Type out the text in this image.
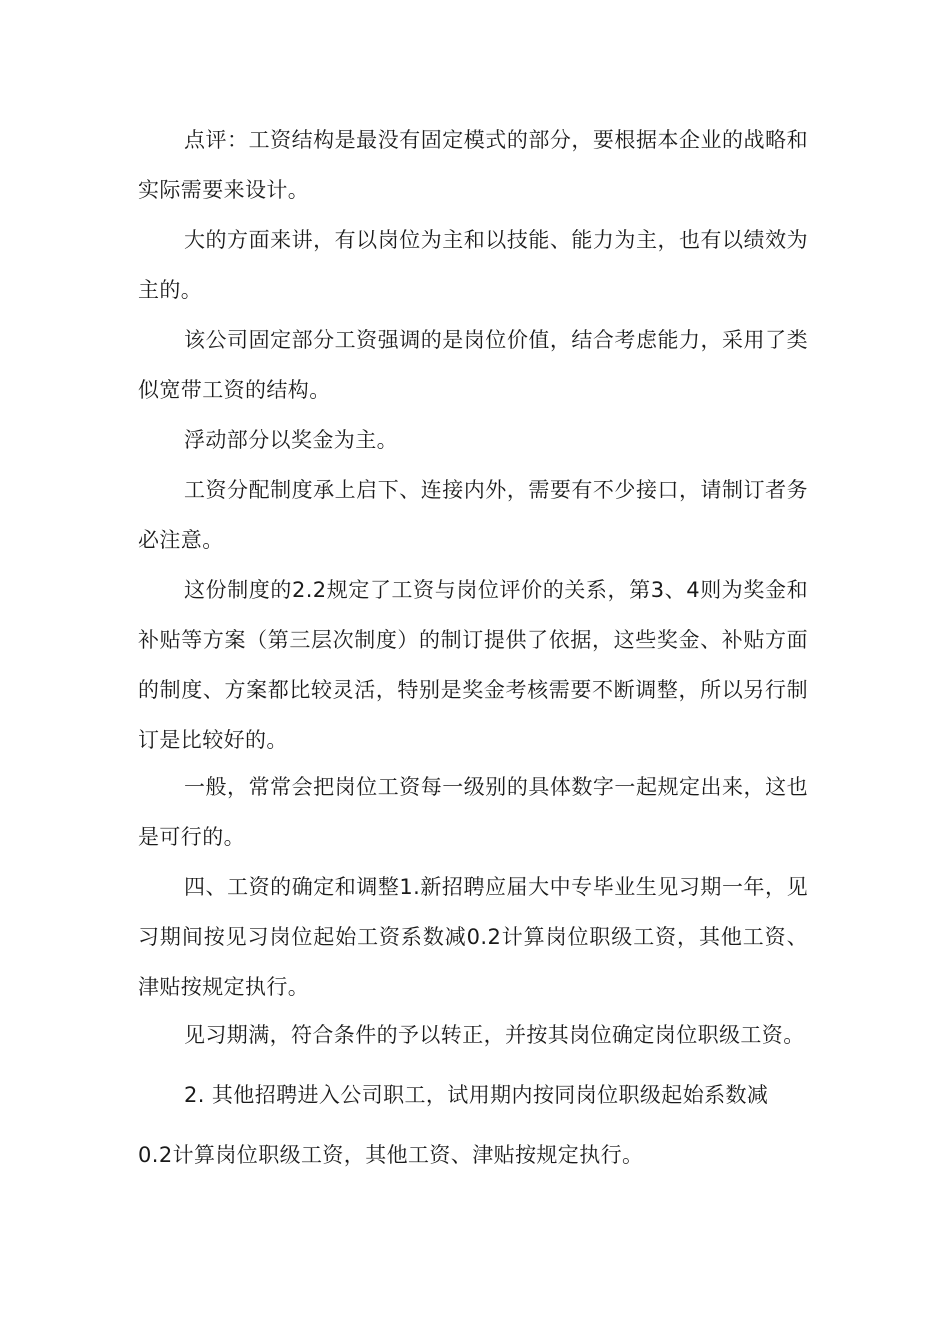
点评：工资结构是最没有固定模式的部分，要根据本企业的战略和实际需要来设计。

大的方面来讲，有以岗位为主和以技能、能力为主，也有以绩效为主的。

该公司固定部分工资强调的是岗位价值，结合考虑能力，采用了类似宽带工资的结构。

浮动部分以奖金为主。

工资分配制度承上启下、连接内外，需要有不少接口，请制订者务必注意。

这份制度的2.2规定了工资与岗位评价的关系，第3、4则为奖金和补贴等方案（第三层次制度）的制订提供了依据，这些奖金、补贴方面的制度、方案都比较灵活，特别是奖金考核需要不断调整，所以另行制订是比较好的。

一般，常常会把岗位工资每一级别的具体数字一起规定出来，这也是可行的。

四、工资的确定和调整1.新招聘应届大中专毕业生见习期一年，见习期间按见习岗位起始工资系数减0.2计算岗位职级工资，其他工资、津贴按规定执行。

见习期满，符合条件的予以转正，并按其岗位确定岗位职级工资。

2. 其他招聘进入公司职工，试用期内按同岗位职级起始系数减

0.2计算岗位职级工资，其他工资、津贴按规定执行。
